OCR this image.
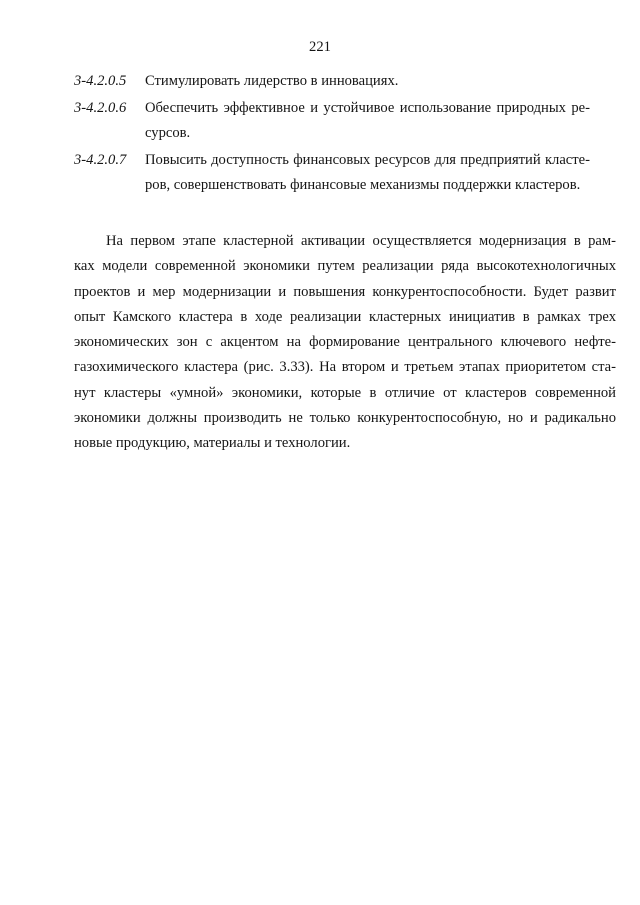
221
3-4.2.0.5 Стимулировать лидерство в инновациях.
3-4.2.0.6 Обеспечить эффективное и устойчивое использование природных ре-
сурсов.
3-4.2.0.7 Повысить доступность финансовых ресурсов для предприятий класте-
ров, совершенствовать финансовые механизмы поддержки кластеров.
На первом этапе кластерной активации осуществляется модернизация в рам-
ках модели современной экономики путем реализации ряда высокотехнологичных
проектов и мер модернизации и повышения конкурентоспособности. Будет развит
опыт Камского кластера в ходе реализации кластерных инициатив в рамках трех
экономических зон с акцентом на формирование центрального ключевого нефте-
газохимического кластера (рис. 3.33). На втором и третьем этапах приоритетом ста-
нут кластеры «умной» экономики, которые в отличие от кластеров современной
экономики должны производить не только конкурентоспособную, но и радикально
новые продукцию, материалы и технологии.
